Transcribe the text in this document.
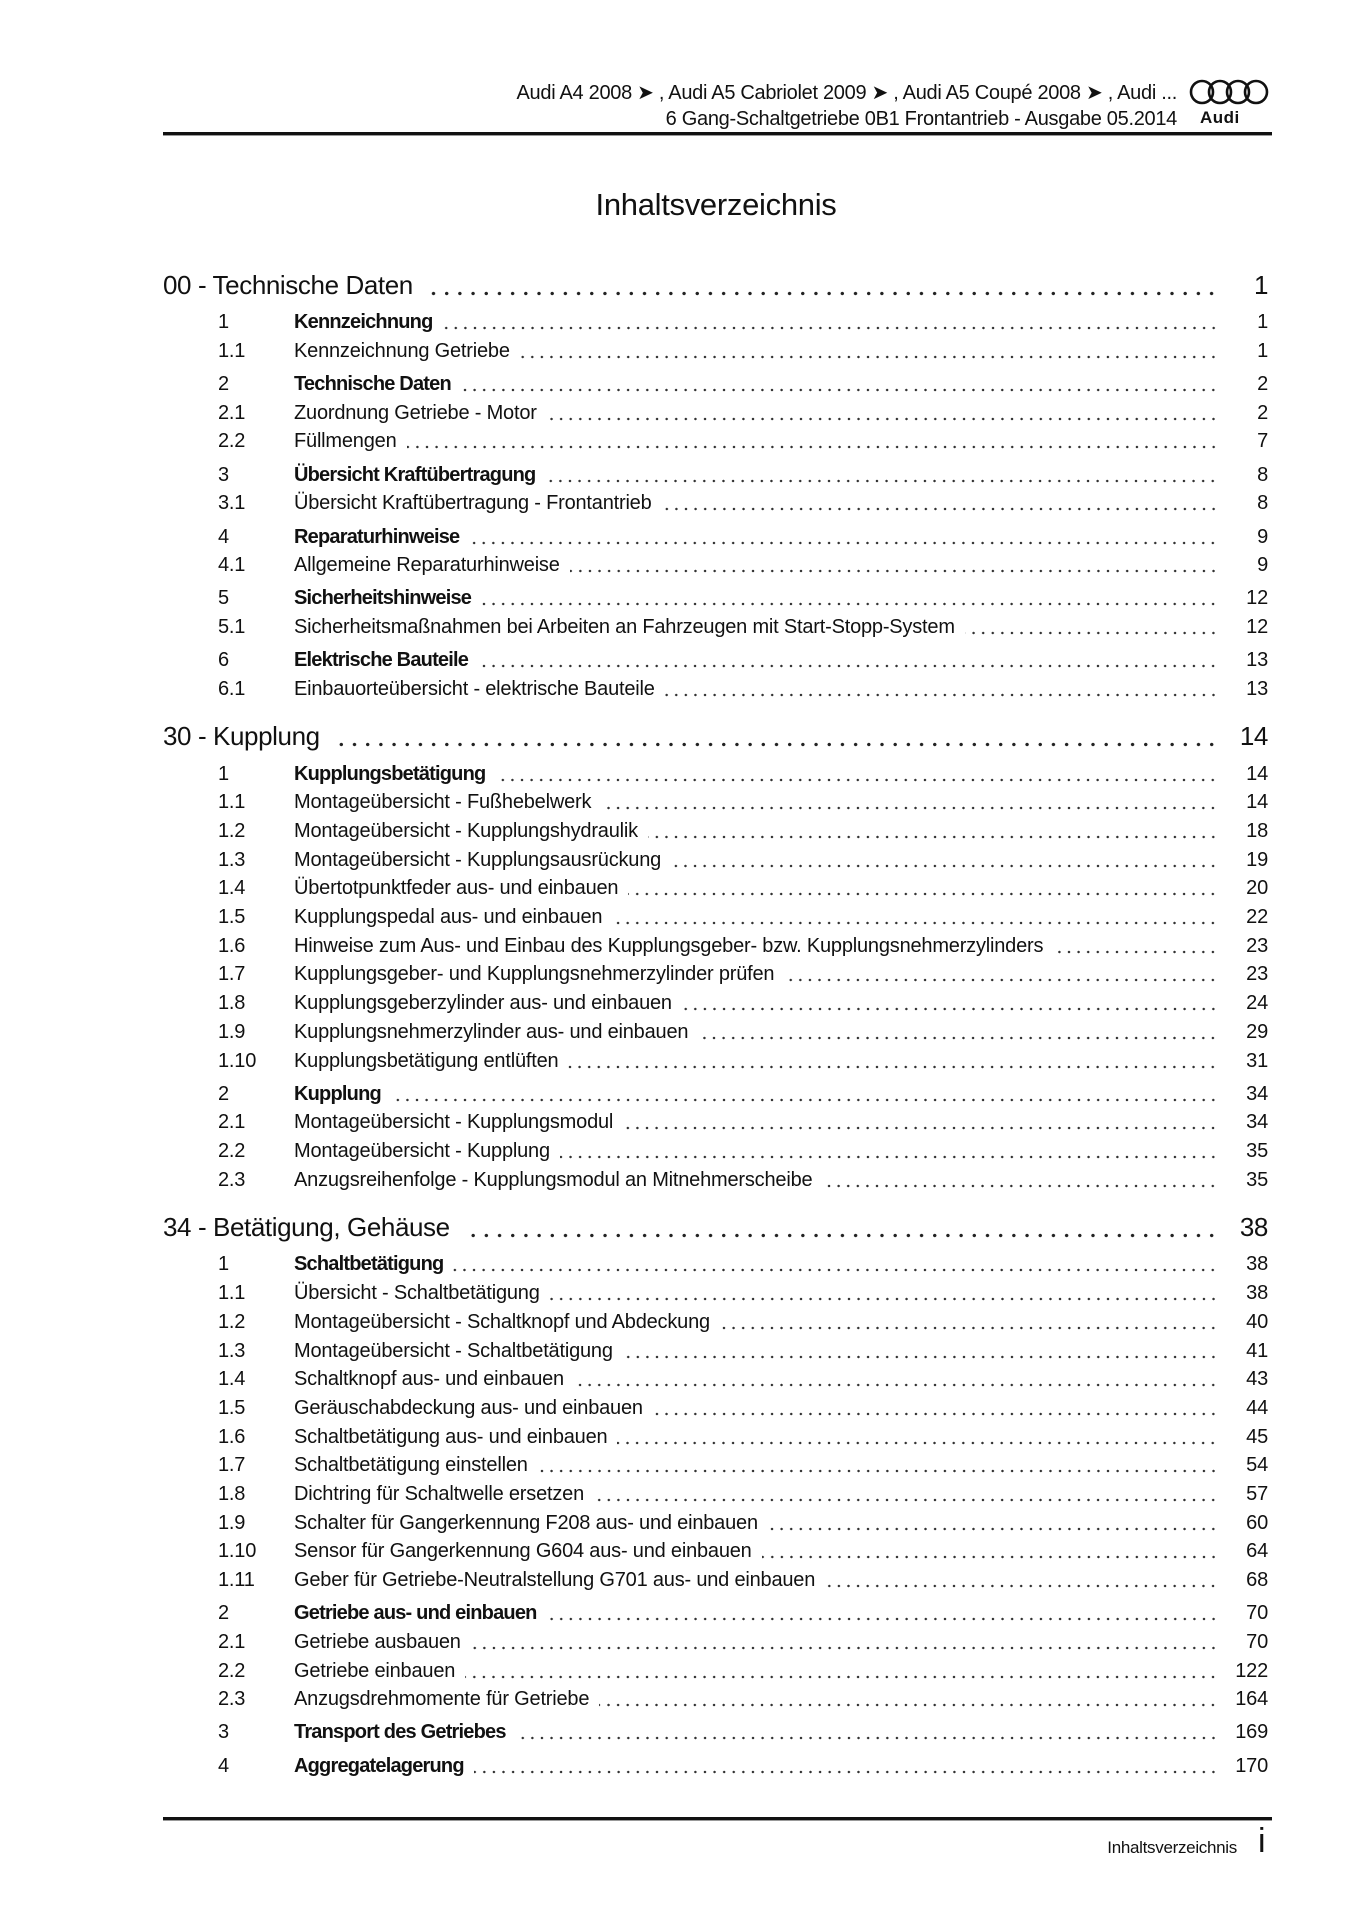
Audi A4 2008 ➤ , Audi A5 Cabriolet 2009 ➤ , Audi A5 Coupé 2008 ➤ , Audi ...
6 Gang-Schaltgetriebe 0B1 Frontantrieb - Ausgabe 05.2014 Audi
Inhaltsverzeichnis
00 - Technische Daten	1
1	Kennzeichnung	1
1.1	Kennzeichnung Getriebe	1
2	Technische Daten	2
2.1	Zuordnung Getriebe - Motor	2
2.2	Füllmengen	7
3	Übersicht Kraftübertragung	8
3.1	Übersicht Kraftübertragung - Frontantrieb	8
4	Reparaturhinweise	9
4.1	Allgemeine Reparaturhinweise	9
5	Sicherheitshinweise	12
5.1	Sicherheitsmaßnahmen bei Arbeiten an Fahrzeugen mit Start-Stopp-System	12
6	Elektrische Bauteile	13
6.1	Einbauorteübersicht - elektrische Bauteile	13
30 - Kupplung	14
1	Kupplungsbetätigung	14
1.1	Montageübersicht - Fußhebelwerk	14
1.2	Montageübersicht - Kupplungshydraulik	18
1.3	Montageübersicht - Kupplungsausrückung	19
1.4	Übertotpunktfeder aus- und einbauen	20
1.5	Kupplungspedal aus- und einbauen	22
1.6	Hinweise zum Aus- und Einbau des Kupplungsgeber- bzw. Kupplungsnehmerzylinders	23
1.7	Kupplungsgeber- und Kupplungsnehmerzylinder prüfen	23
1.8	Kupplungsgeberzylinder aus- und einbauen	24
1.9	Kupplungsnehmerzylinder aus- und einbauen	29
1.10	Kupplungsbetätigung entlüften	31
2	Kupplung	34
2.1	Montageübersicht - Kupplungsmodul	34
2.2	Montageübersicht - Kupplung	35
2.3	Anzugsreihenfolge - Kupplungsmodul an Mitnehmerscheibe	35
34 - Betätigung, Gehäuse	38
1	Schaltbetätigung	38
1.1	Übersicht - Schaltbetätigung	38
1.2	Montageübersicht - Schaltknopf und Abdeckung	40
1.3	Montageübersicht - Schaltbetätigung	41
1.4	Schaltknopf aus- und einbauen	43
1.5	Geräuschabdeckung aus- und einbauen	44
1.6	Schaltbetätigung aus- und einbauen	45
1.7	Schaltbetätigung einstellen	54
1.8	Dichtring für Schaltwelle ersetzen	57
1.9	Schalter für Gangerkennung F208 aus- und einbauen	60
1.10	Sensor für Gangerkennung G604 aus- und einbauen	64
1.11	Geber für Getriebe-Neutralstellung G701 aus- und einbauen	68
2	Getriebe aus- und einbauen	70
2.1	Getriebe ausbauen	70
2.2	Getriebe einbauen	122
2.3	Anzugsdrehmomente für Getriebe	164
3	Transport des Getriebes	169
4	Aggregatelagerung	170
Inhaltsverzeichnis i
